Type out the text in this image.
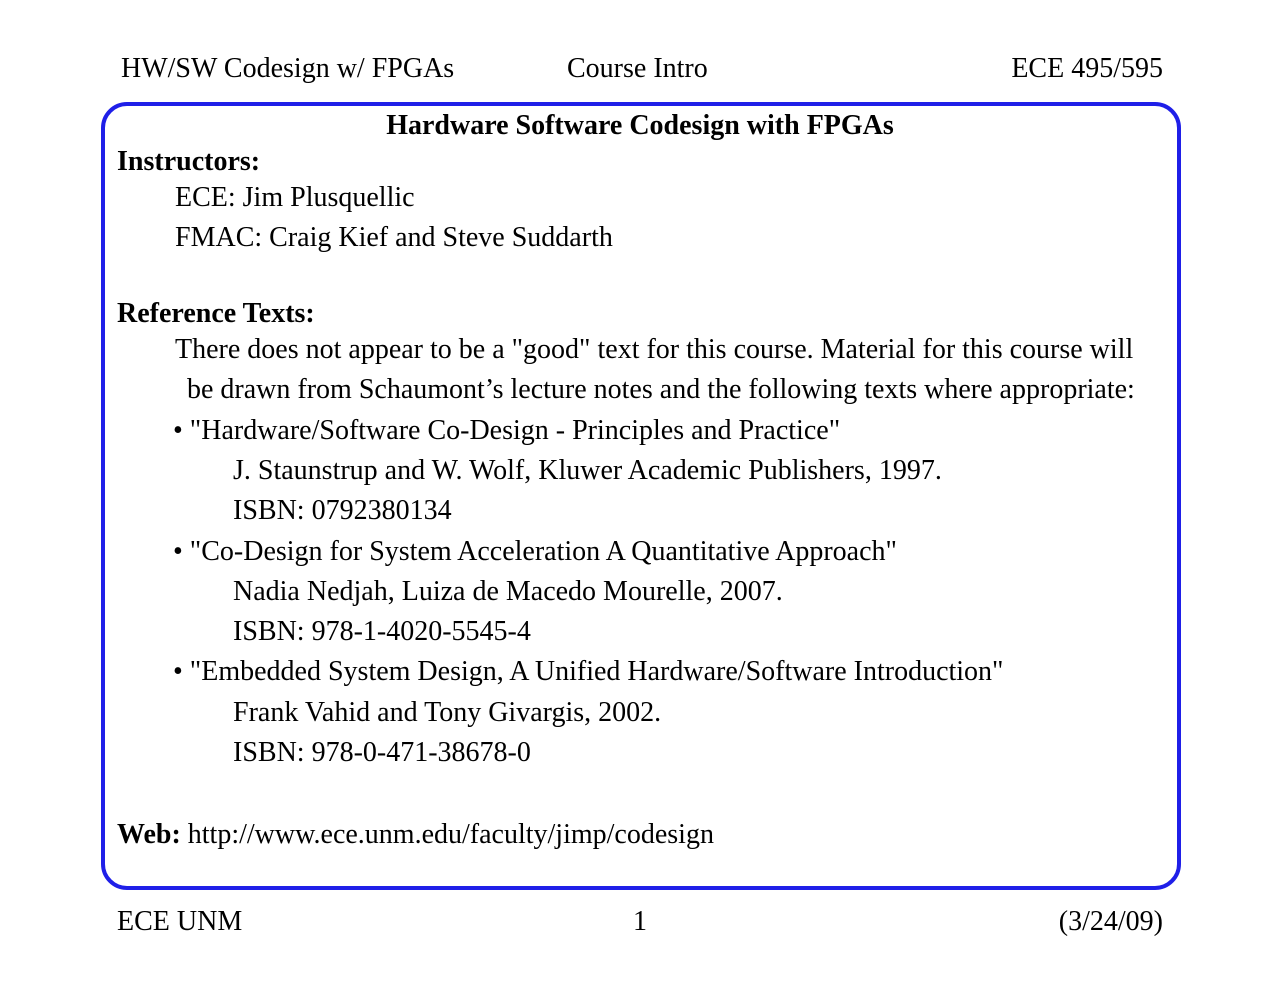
HW/SW Codesign w/ FPGAs	Course Intro	ECE 495/595
Hardware Software Codesign with FPGAs
Instructors:
ECE: Jim Plusquellic
FMAC: Craig Kief and Steve Suddarth
Reference Texts:
There does not appear to be a "good" text for this course. Material for this course will
be drawn from Schaumont’s lecture notes and the following texts where appropriate:
• "Hardware/Software Co-Design - Principles and Practice"
J. Staunstrup and W. Wolf, Kluwer Academic Publishers, 1997.
ISBN: 0792380134
• "Co-Design for System Acceleration A Quantitative Approach"
Nadia Nedjah, Luiza de Macedo Mourelle, 2007.
ISBN: 978-1-4020-5545-4
• "Embedded System Design, A Unified Hardware/Software Introduction"
Frank Vahid and Tony Givargis, 2002.
ISBN: 978-0-471-38678-0
Web: http://www.ece.unm.edu/faculty/jimp/codesign
ECE UNM	1	(3/24/09)
